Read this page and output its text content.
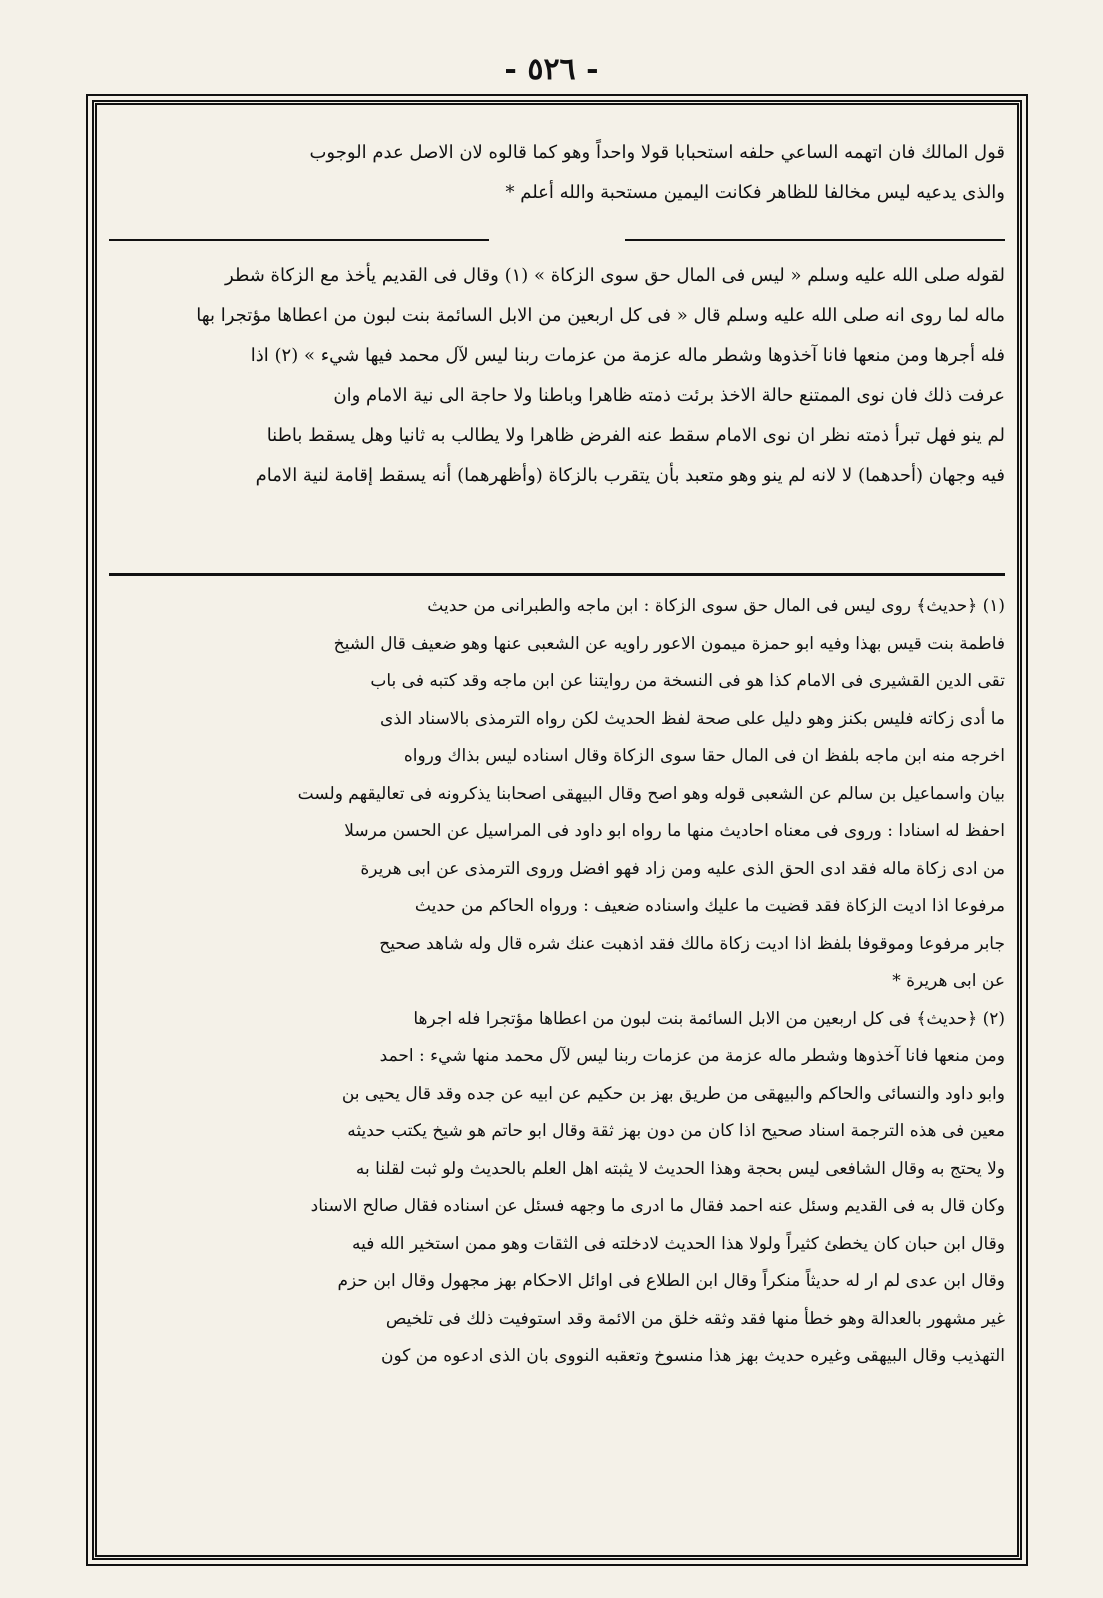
- ٥٢٦ -

قول المالك فان اتهمه الساعي حلفه استحبابا قولا واحداً وهو كما قالوه لان الاصل عدم الوجوب

والذى يدعيه ليس مخالفا للظاهر فكانت اليمين مستحبة والله أعلم *

لقوله صلى الله عليه وسلم « ليس فى المال حق سوى الزكاة » (١) وقال فى القديم يأخذ مع الزكاة شطر

ماله لما روى انه صلى الله عليه وسلم قال « فى كل اربعين من الابل السائمة بنت لبون من اعطاها مؤتجرا بها

فله أجرها ومن منعها فانا آخذوها وشطر ماله عزمة من عزمات ربنا ليس لآل محمد فيها شيء » (٢) اذا

عرفت ذلك فان نوى الممتنع حالة الاخذ برئت ذمته ظاهرا وباطنا ولا حاجة الى نية الامام وان

لم ينو فهل تبرأ ذمته نظر ان نوى الامام سقط عنه الفرض ظاهرا ولا يطالب به ثانيا وهل يسقط باطنا

فيه وجهان (أحدهما) لا لانه لم ينو وهو متعبد بأن يتقرب بالزكاة (وأظهرهما) أنه يسقط إقامة لنية الامام

(١) ﴿حديث﴾ روى ليس فى المال حق سوى الزكاة : ابن ماجه والطبرانى من حديث

فاطمة بنت قيس بهذا وفيه ابو حمزة ميمون الاعور راويه عن الشعبى عنها وهو ضعيف قال الشيخ

تقى الدين القشيرى فى الامام كذا هو فى النسخة من روايتنا عن ابن ماجه وقد كتبه فى باب

ما أدى زكاته فليس بكنز وهو دليل على صحة لفظ الحديث لكن رواه الترمذى بالاسناد الذى

اخرجه منه ابن ماجه بلفظ ان فى المال حقا سوى الزكاة وقال اسناده ليس بذاك ورواه

بيان واسماعيل بن سالم عن الشعبى قوله وهو اصح وقال البيهقى اصحابنا يذكرونه فى تعاليقهم ولست

احفظ له اسنادا : وروى فى معناه احاديث منها ما رواه ابو داود فى المراسيل عن الحسن مرسلا

من ادى زكاة ماله فقد ادى الحق الذى عليه ومن زاد فهو افضل وروى الترمذى عن ابى هريرة

مرفوعا اذا اديت الزكاة فقد قضيت ما عليك واسناده ضعيف : ورواه الحاكم من حديث

جابر مرفوعا وموقوفا بلفظ اذا اديت زكاة مالك فقد اذهبت عنك شره قال وله شاهد صحيح

عن ابى هريرة *

(٢) ﴿حديث﴾ فى كل اربعين من الابل السائمة بنت لبون من اعطاها مؤتجرا فله اجرها

ومن منعها فانا آخذوها وشطر ماله عزمة من عزمات ربنا ليس لآل محمد منها شيء : احمد

وابو داود والنسائى والحاكم والبيهقى من طريق بهز بن حكيم عن ابيه عن جده وقد قال يحيى بن

معين فى هذه الترجمة اسناد صحيح اذا كان من دون بهز ثقة وقال ابو حاتم هو شيخ يكتب حديثه

ولا يحتج به وقال الشافعى ليس بحجة وهذا الحديث لا يثبته اهل العلم بالحديث ولو ثبت لقلنا به

وكان قال به فى القديم وسئل عنه احمد فقال ما ادرى ما وجهه فسئل عن اسناده فقال صالح الاسناد

وقال ابن حبان كان يخطئ كثيراً ولولا هذا الحديث لادخلته فى الثقات وهو ممن استخير الله فيه

وقال ابن عدى لم ار له حديثاً منكراً وقال ابن الطلاع فى اوائل الاحكام بهز مجهول وقال ابن حزم

غير مشهور بالعدالة وهو خطأ منها فقد وثقه خلق من الائمة وقد استوفيت ذلك فى تلخيص

التهذيب وقال البيهقى وغيره حديث بهز هذا منسوخ وتعقبه النووى بان الذى ادعوه من كون
